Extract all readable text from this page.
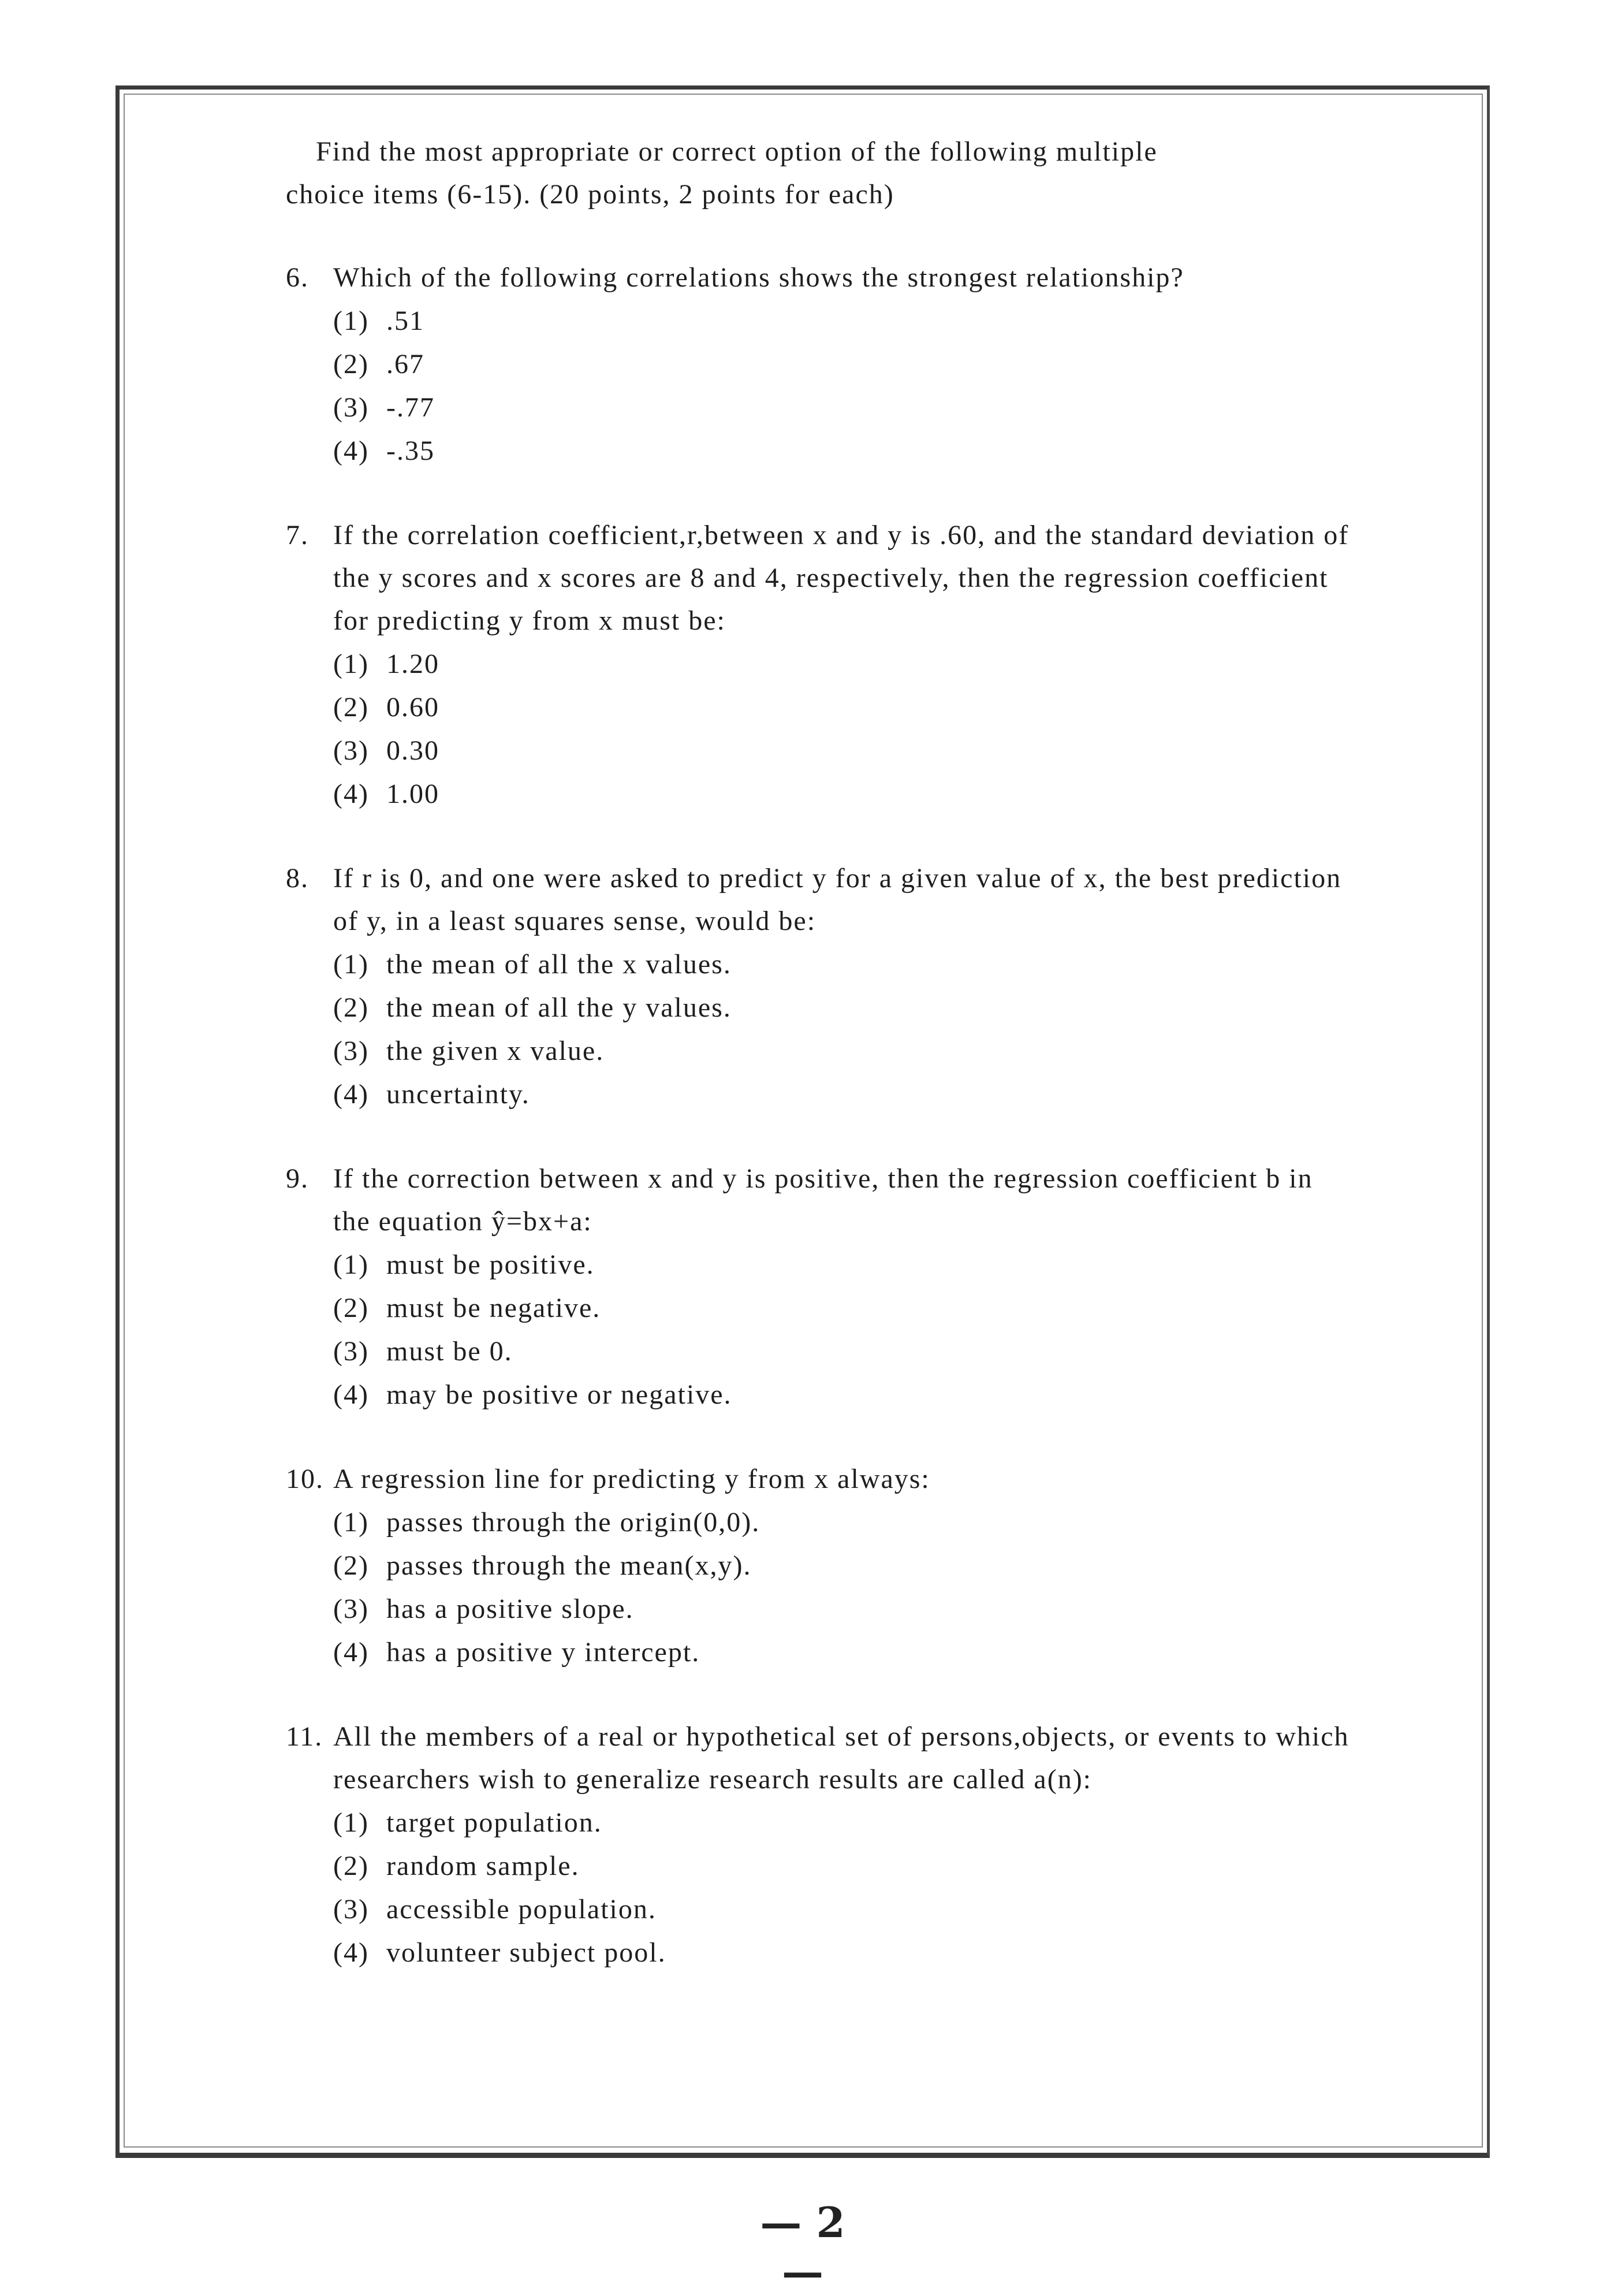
Find the most appropriate or correct option of the following multiple
choice items (6-15). (20 points, 2 points for each)

6. Which of the following correlations shows the strongest relationship?
(1) .51
(2) .67
(3) -.77
(4) -.35
7. If the correlation coefficient,r,between x and y is .60, and the standard deviation of the y scores and x scores are 8 and 4, respectively, then the regression coefficient for predicting y from x must be:
(1) 1.20
(2) 0.60
(3) 0.30
(4) 1.00
8. If r is 0, and one were asked to predict y for a given value of x, the best prediction of y, in a least squares sense, would be:
(1) the mean of all the x values.
(2) the mean of all the y values.
(3) the given x value.
(4) uncertainty.
9. If the correction between x and y is positive, then the regression coefficient b in the equation ŷ=bx+a:
(1) must be positive.
(2) must be negative.
(3) must be 0.
(4) may be positive or negative.
10. A regression line for predicting y from x always:
(1) passes through the origin(0,0).
(2) passes through the mean(x,y).
(3) has a positive slope.
(4) has a positive y intercept.
11. All the members of a real or hypothetical set of persons,objects, or events to which researchers wish to generalize research results are called a(n):
(1) target population.
(2) random sample.
(3) accessible population.
(4) volunteer subject pool.
— 2 —
